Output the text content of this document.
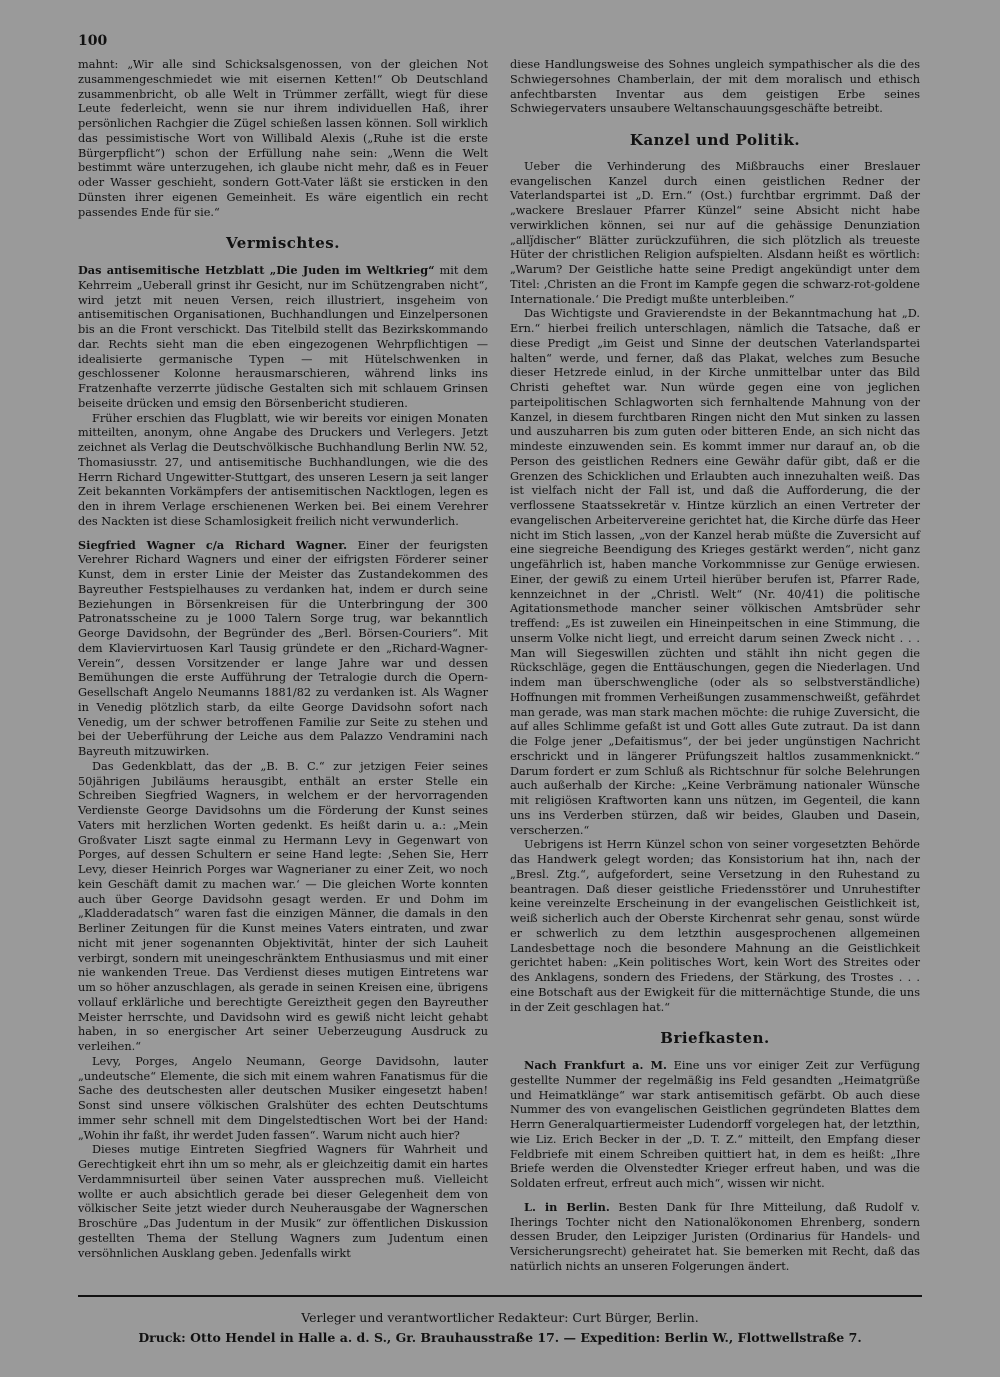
100

mahnt: „Wir alle sind Schicksalsgenossen, von der gleichen Not zusammengeschmiedet wie mit eisernen Ketten!“ Ob Deutschland zusammenbricht, ob alle Welt in Trümmer zerfällt, wiegt für diese Leute federleicht, wenn sie nur ihrem individuellen Haß, ihrer persönlichen Rachgier die Zügel schießen lassen können. Soll wirklich das pessimistische Wort von Willibald Alexis („Ruhe ist die erste Bürgerpflicht“) schon der Erfüllung nahe sein: „Wenn die Welt bestimmt wäre unterzugehen, ich glaube nicht mehr, daß es in Feuer oder Wasser geschieht, sondern Gott-Vater läßt sie ersticken in den Dünsten ihrer eigenen Gemeinheit. Es wäre eigentlich ein recht passendes Ende für sie.“

Vermischtes.

Das antisemitische Hetzblatt „Die Juden im Weltkrieg“ mit dem Kehrreim „Ueberall grinst ihr Gesicht, nur im Schützengraben nicht“, wird jetzt mit neuen Versen, reich illustriert, insgeheim von antisemitischen Organisationen, Buchhandlungen und Einzelpersonen bis an die Front verschickt. Das Titelbild stellt das Bezirkskommando dar. Rechts sieht man die eben eingezogenen Wehrpflichtigen — idealisierte germanische Typen — mit Hütelschwenken in geschlossener Kolonne herausmarschieren, während links ins Fratzenhafte verzerrte jüdische Gestalten sich mit schlauem Grinsen beiseite drücken und emsig den Börsenbericht studieren.

Früher erschien das Flugblatt, wie wir bereits vor einigen Monaten mitteilten, anonym, ohne Angabe des Druckers und Verlegers. Jetzt zeichnet als Verlag die Deutschvölkische Buchhandlung Berlin NW. 52, Thomasiusstr. 27, und antisemitische Buchhandlungen, wie die des Herrn Richard Ungewitter-Stuttgart, des unseren Lesern ja seit langer Zeit bekannten Vorkämpfers der antisemitischen Nacktlogen, legen es den in ihrem Verlage erschienenen Werken bei. Bei einem Verehrer des Nackten ist diese Schamlosigkeit freilich nicht verwunderlich.

Siegfried Wagner c/a Richard Wagner. Einer der feurigsten Verehrer Richard Wagners und einer der eifrigsten Förderer seiner Kunst, dem in erster Linie der Meister das Zustandekommen des Bayreuther Festspielhauses zu verdanken hat, indem er durch seine Beziehungen in Börsenkreisen für die Unterbringung der 300 Patronatsscheine zu je 1000 Talern Sorge trug, war bekanntlich George Davidsohn, der Begründer des „Berl. Börsen-Couriers“. Mit dem Klaviervirtuosen Karl Tausig gründete er den „Richard-Wagner-Verein“, dessen Vorsitzender er lange Jahre war und dessen Bemühungen die erste Aufführung der Tetralogie durch die Opern-Gesellschaft Angelo Neumanns 1881/82 zu verdanken ist. Als Wagner in Venedig plötzlich starb, da eilte George Davidsohn sofort nach Venedig, um der schwer betroffenen Familie zur Seite zu stehen und bei der Ueberführung der Leiche aus dem Palazzo Vendramini nach Bayreuth mitzuwirken.

Das Gedenkblatt, das der „B. B. C.“ zur jetzigen Feier seines 50jährigen Jubiläums herausgibt, enthält an erster Stelle ein Schreiben Siegfried Wagners, in welchem er der hervorragenden Verdienste George Davidsohns um die Förderung der Kunst seines Vaters mit herzlichen Worten gedenkt. Es heißt darin u. a.: „Mein Großvater Liszt sagte einmal zu Hermann Levy in Gegenwart von Porges, auf dessen Schultern er seine Hand legte: ‚Sehen Sie, Herr Levy, dieser Heinrich Porges war Wagnerianer zu einer Zeit, wo noch kein Geschäft damit zu machen war.‘ — Die gleichen Worte konnten auch über George Davidsohn gesagt werden. Er und Dohm im „Kladderadatsch“ waren fast die einzigen Männer, die damals in den Berliner Zeitungen für die Kunst meines Vaters eintraten, und zwar nicht mit jener sogenannten Objektivität, hinter der sich Lauheit verbirgt, sondern mit uneingeschränktem Enthusiasmus und mit einer nie wankenden Treue. Das Verdienst dieses mutigen Eintretens war um so höher anzuschlagen, als gerade in seinen Kreisen eine, übrigens vollauf erklärliche und berechtigte Gereiztheit gegen den Bayreuther Meister herrschte, und Davidsohn wird es gewiß nicht leicht gehabt haben, in so energischer Art seiner Ueberzeugung Ausdruck zu verleihen.“

Levy, Porges, Angelo Neumann, George Davidsohn, lauter „undeutsche“ Elemente, die sich mit einem wahren Fanatismus für die Sache des deutschesten aller deutschen Musiker eingesetzt haben! Sonst sind unsere völkischen Gralshüter des echten Deutschtums immer sehr schnell mit dem Dingelstedtischen Wort bei der Hand: „Wohin ihr faßt, ihr werdet Juden fassen“. Warum nicht auch hier?

Dieses mutige Eintreten Siegfried Wagners für Wahrheit und Gerechtigkeit ehrt ihn um so mehr, als er gleichzeitig damit ein hartes Verdammnisurteil über seinen Vater aussprechen muß. Vielleicht wollte er auch absichtlich gerade bei dieser Gelegenheit dem von völkischer Seite jetzt wieder durch Neuherausgabe der Wagnerschen Broschüre „Das Judentum in der Musik“ zur öffentlichen Diskussion gestellten Thema der Stellung Wagners zum Judentum einen versöhnlichen Ausklang geben. Jedenfalls wirkt

diese Handlungsweise des Sohnes ungleich sympathischer als die des Schwiegersohnes Chamberlain, der mit dem moralisch und ethisch anfechtbarsten Inventar aus dem geistigen Erbe seines Schwiegervaters unsaubere Weltanschauungsgeschäfte betreibt.

Kanzel und Politik.

Ueber die Verhinderung des Mißbrauchs einer Breslauer evangelischen Kanzel durch einen geistlichen Redner der Vaterlandspartei ist „D. Ern.“ (Ost.) furchtbar ergrimmt. Daß der „wackere Breslauer Pfarrer Künzel“ seine Absicht nicht habe verwirklichen können, sei nur auf die gehässige Denunziation „allj̈discher“ Blätter zurückzuführen, die sich plötzlich als treueste Hüter der christlichen Religion aufspielten. Alsdann heißt es wörtlich: „Warum? Der Geistliche hatte seine Predigt angekündigt unter dem Titel: ‚Christen an die Front im Kampfe gegen die schwarz-rot-goldene Internationale.‘ Die Predigt mußte unterbleiben.“

Das Wichtigste und Gravierendste in der Bekanntmachung hat „D. Ern.“ hierbei freilich unterschlagen, nämlich die Tatsache, daß er diese Predigt „im Geist und Sinne der deutschen Vaterlandspartei halten“ werde, und ferner, daß das Plakat, welches zum Besuche dieser Hetzrede einlud, in der Kirche unmittelbar unter das Bild Christi geheftet war. Nun würde gegen eine von jeglichen parteipolitischen Schlagworten sich fernhaltende Mahnung von der Kanzel, in diesem furchtbaren Ringen nicht den Mut sinken zu lassen und auszuharren bis zum guten oder bitteren Ende, an sich nicht das mindeste einzuwenden sein. Es kommt immer nur darauf an, ob die Person des geistlichen Redners eine Gewähr dafür gibt, daß er die Grenzen des Schicklichen und Erlaubten auch innezuhalten weiß. Das ist vielfach nicht der Fall ist, und daß die Aufforderung, die der verflossene Staatssekretär v. Hintze kürzlich an einen Vertreter der evangelischen Arbeitervereine gerichtet hat, die Kirche dürfe das Heer nicht im Stich lassen, „von der Kanzel herab müßte die Zuversicht auf eine siegreiche Beendigung des Krieges gestärkt werden“, nicht ganz ungefährlich ist, haben manche Vorkommnisse zur Genüge erwiesen. Einer, der gewiß zu einem Urteil hierüber berufen ist, Pfarrer Rade, kennzeichnet in der „Christl. Welt“ (Nr. 40/41) die politische Agitationsmethode mancher seiner völkischen Amtsbrüder sehr treffend: „Es ist zuweilen ein Hineinpeitschen in eine Stimmung, die unserm Volke nicht liegt, und erreicht darum seinen Zweck nicht . . . Man will Siegeswillen züchten und stählt ihn nicht gegen die Rückschläge, gegen die Enttäuschungen, gegen die Niederlagen. Und indem man überschwengliche (oder als so selbstverständliche) Hoffnungen mit frommen Verheißungen zusammenschweißt, gefährdet man gerade, was man stark machen möchte: die ruhige Zuversicht, die auf alles Schlimme gefaßt ist und Gott alles Gute zutraut. Da ist dann die Folge jener „Defaitismus“, der bei jeder ungünstigen Nachricht erschrickt und in längerer Prüfungszeit haltlos zusammenknickt.“ Darum fordert er zum Schluß als Richtschnur für solche Belehrungen auch außerhalb der Kirche: „Keine Verbrämung nationaler Wünsche mit religiösen Kraftworten kann uns nützen, im Gegenteil, die kann uns ins Verderben stürzen, daß wir beides, Glauben und Dasein, verscherzen.“

Uebrigens ist Herrn Künzel schon von seiner vorgesetzten Behörde das Handwerk gelegt worden; das Konsistorium hat ihn, nach der „Bresl. Ztg.“, aufgefordert, seine Versetzung in den Ruhestand zu beantragen. Daß dieser geistliche Friedensstörer und Unruhestifter keine vereinzelte Erscheinung in der evangelischen Geistlichkeit ist, weiß sicherlich auch der Oberste Kirchenrat sehr genau, sonst würde er schwerlich zu dem letzthin ausgesprochenen allgemeinen Landesbettage noch die besondere Mahnung an die Geistlichkeit gerichtet haben: „Kein politisches Wort, kein Wort des Streites oder des Anklagens, sondern des Friedens, der Stärkung, des Trostes . . . eine Botschaft aus der Ewigkeit für die mitternächtige Stunde, die uns in der Zeit geschlagen hat.“

Briefkasten.

Nach Frankfurt a. M. Eine uns vor einiger Zeit zur Verfügung gestellte Nummer der regelmäßig ins Feld gesandten „Heimatgrüße und Heimatklänge“ war stark antisemitisch gefärbt. Ob auch diese Nummer des von evangelischen Geistlichen gegründeten Blattes dem Herrn Generalquartiermeister Ludendorff vorgelegen hat, der letzthin, wie Liz. Erich Becker in der „D. T. Z.“ mitteilt, den Empfang dieser Feldbriefe mit einem Schreiben quittiert hat, in dem es heißt: „Ihre Briefe werden die Olvenstedter Krieger erfreut haben, und was die Soldaten erfreut, erfreut auch mich“, wissen wir nicht.

L. in Berlin. Besten Dank für Ihre Mitteilung, daß Rudolf v. Iherings Tochter nicht den Nationalökonomen Ehrenberg, sondern dessen Bruder, den Leipziger Juristen (Ordinarius für Handels- und Versicherungsrecht) geheiratet hat. Sie bemerken mit Recht, daß das natürlich nichts an unseren Folgerungen ändert.

Verleger und verantwortlicher Redakteur: Curt Bürger, Berlin.
Druck: Otto Hendel in Halle a. d. S., Gr. Brauhausstraße 17. — Expedition: Berlin W., Flottwellstraße 7.
